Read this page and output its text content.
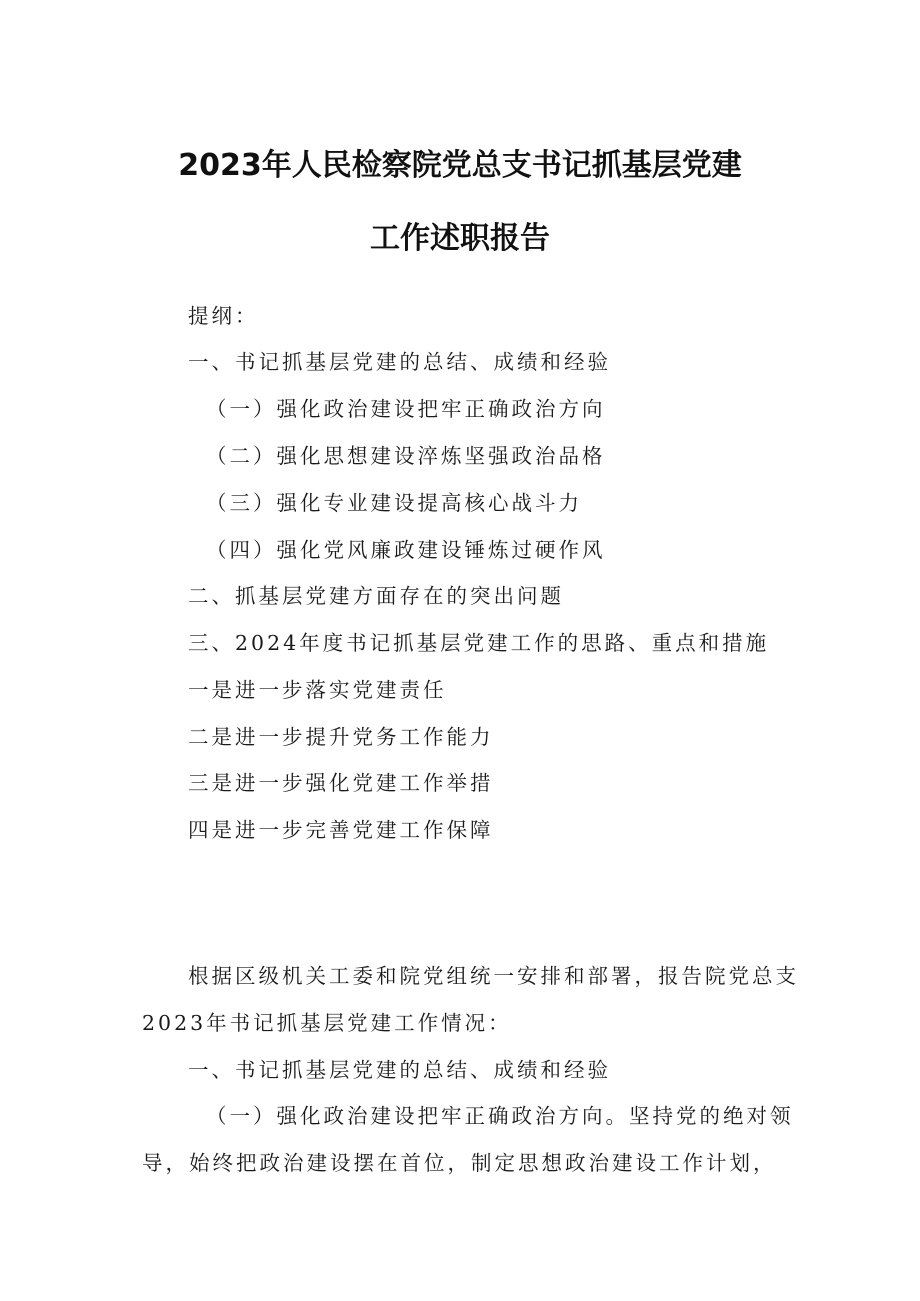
2023年人民检察院党总支书记抓基层党建
工作述职报告
提纲：
一、书记抓基层党建的总结、成绩和经验
（一）强化政治建设把牢正确政治方向
（二）强化思想建设淬炼坚强政治品格
（三）强化专业建设提高核心战斗力
（四）强化党风廉政建设锤炼过硬作风
二、抓基层党建方面存在的突出问题
三、2024年度书记抓基层党建工作的思路、重点和措施
一是进一步落实党建责任
二是进一步提升党务工作能力
三是进一步强化党建工作举措
四是进一步完善党建工作保障
根据区级机关工委和院党组统一安排和部署，报告院党总支
2023年书记抓基层党建工作情况：
一、书记抓基层党建的总结、成绩和经验
（一）强化政治建设把牢正确政治方向。坚持党的绝对领
导，始终把政治建设摆在首位，制定思想政治建设工作计划，
